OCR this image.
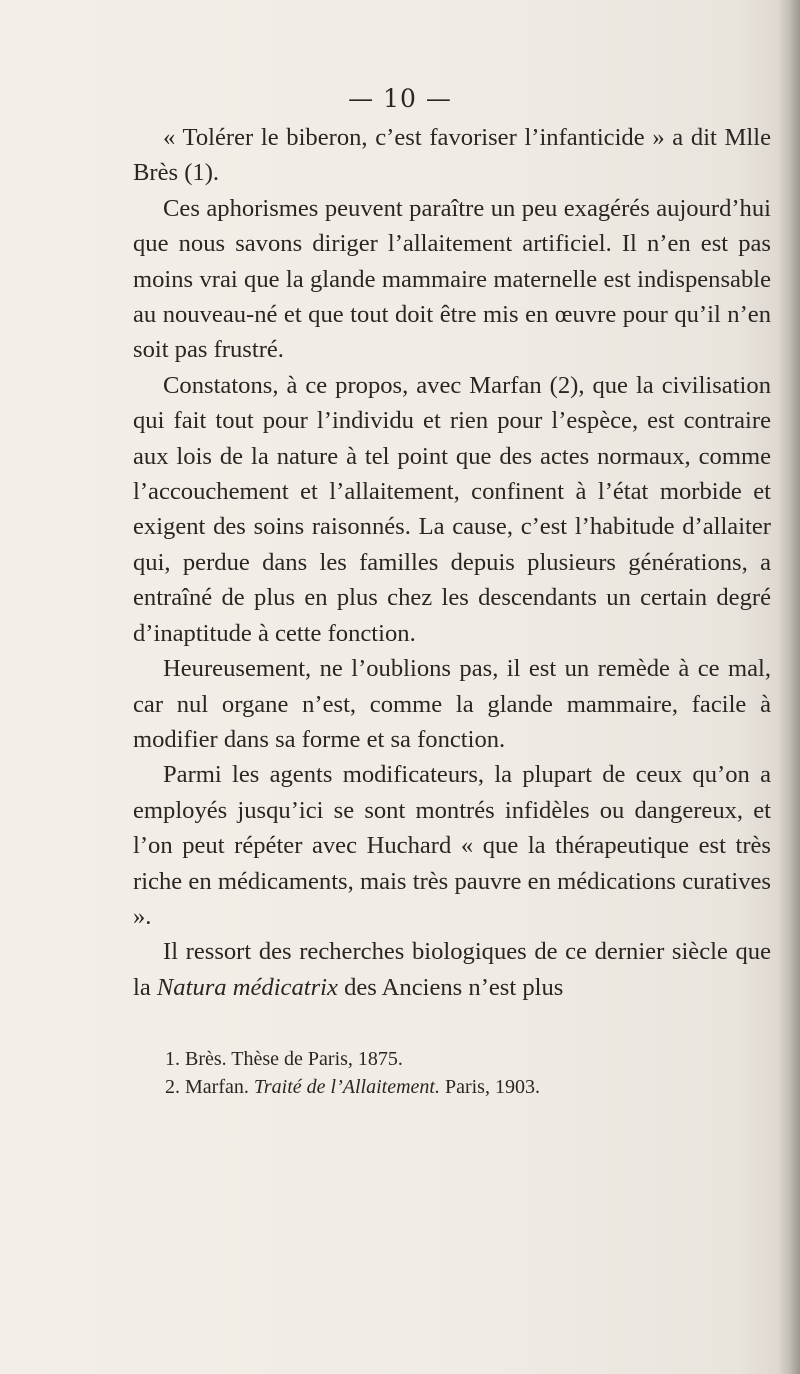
— 10 —

« Tolérer le biberon, c’est favoriser l’infanticide » a dit Mlle Brès (1).

Ces aphorismes peuvent paraître un peu exagérés aujourd’hui que nous savons diriger l’allaitement artificiel. Il n’en est pas moins vrai que la glande mammaire maternelle est indispensable au nouveau-né et que tout doit être mis en œuvre pour qu’il n’en soit pas frustré.

Constatons, à ce propos, avec Marfan (2), que la civilisation qui fait tout pour l’individu et rien pour l’espèce, est contraire aux lois de la nature à tel point que des actes normaux, comme l’accouchement et l’allaitement, confinent à l’état morbide et exigent des soins raisonnés. La cause, c’est l’habitude d’allaiter qui, perdue dans les familles depuis plusieurs générations, a entraîné de plus en plus chez les descendants un certain degré d’inaptitude à cette fonction.

Heureusement, ne l’oublions pas, il est un remède à ce mal, car nul organe n’est, comme la glande mammaire, facile à modifier dans sa forme et sa fonction.

Parmi les agents modificateurs, la plupart de ceux qu’on a employés jusqu’ici se sont montrés infidèles ou dangereux, et l’on peut répéter avec Huchard « que la thérapeutique est très riche en médicaments, mais très pauvre en médications curatives ».

Il ressort des recherches biologiques de ce dernier siècle que la Natura médicatrix des Anciens n’est plus

1. Brès. Thèse de Paris, 1875.
2. Marfan. Traité de l’Allaitement. Paris, 1903.
